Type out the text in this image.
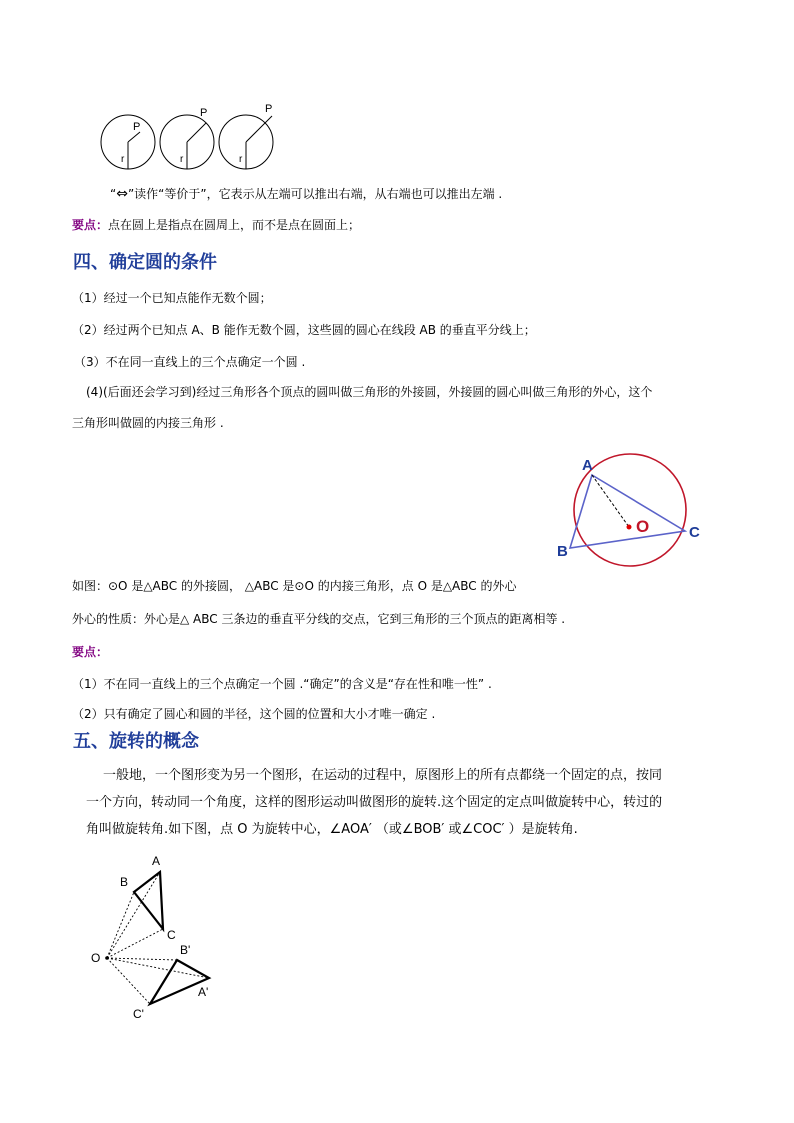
P
r
P
r
P
r
“⇔”读作“等价于”，它表示从左端可以推出右端，从右端也可以推出左端 .
要点：点在圆上是指点在圆周上，而不是点在圆面上；
四、确定圆的条件
（1）经过一个已知点能作无数个圆；
（2）经过两个已知点 A、B 能作无数个圆，这些圆的圆心在线段 AB 的垂直平分线上；
（3）不在同一直线上的三个点确定一个圆 .
(4)(后面还会学习到)经过三角形各个顶点的圆叫做三角形的外接圆，外接圆的圆心叫做三角形的外心，这个
三角形叫做圆的内接三角形 .
A
B
C
O
如图：⊙O 是△ABC 的外接圆， △ABC 是⊙O 的内接三角形，点 O 是△ABC 的外心
外心的性质：外心是△ ABC 三条边的垂直平分线的交点，它到三角形的三个顶点的距离相等 .
要点：
（1）不在同一直线上的三个点确定一个圆 .“确定”的含义是“存在性和唯一性” .
（2）只有确定了圆心和圆的半径，这个圆的位置和大小才唯一确定 .
五、旋转的概念
一般地，一个图形变为另一个图形，在运动的过程中，原图形上的所有点都绕一个固定的点，按同
一个方向，转动同一个角度，这样的图形运动叫做图形的旋转.这个固定的定点叫做旋转中心，转过的
角叫做旋转角.如下图，点 O 为旋转中心，∠AOA′ （或∠BOB′ 或∠COC′ ）是旋转角.
A
B
C
O
B'
A'
C'
